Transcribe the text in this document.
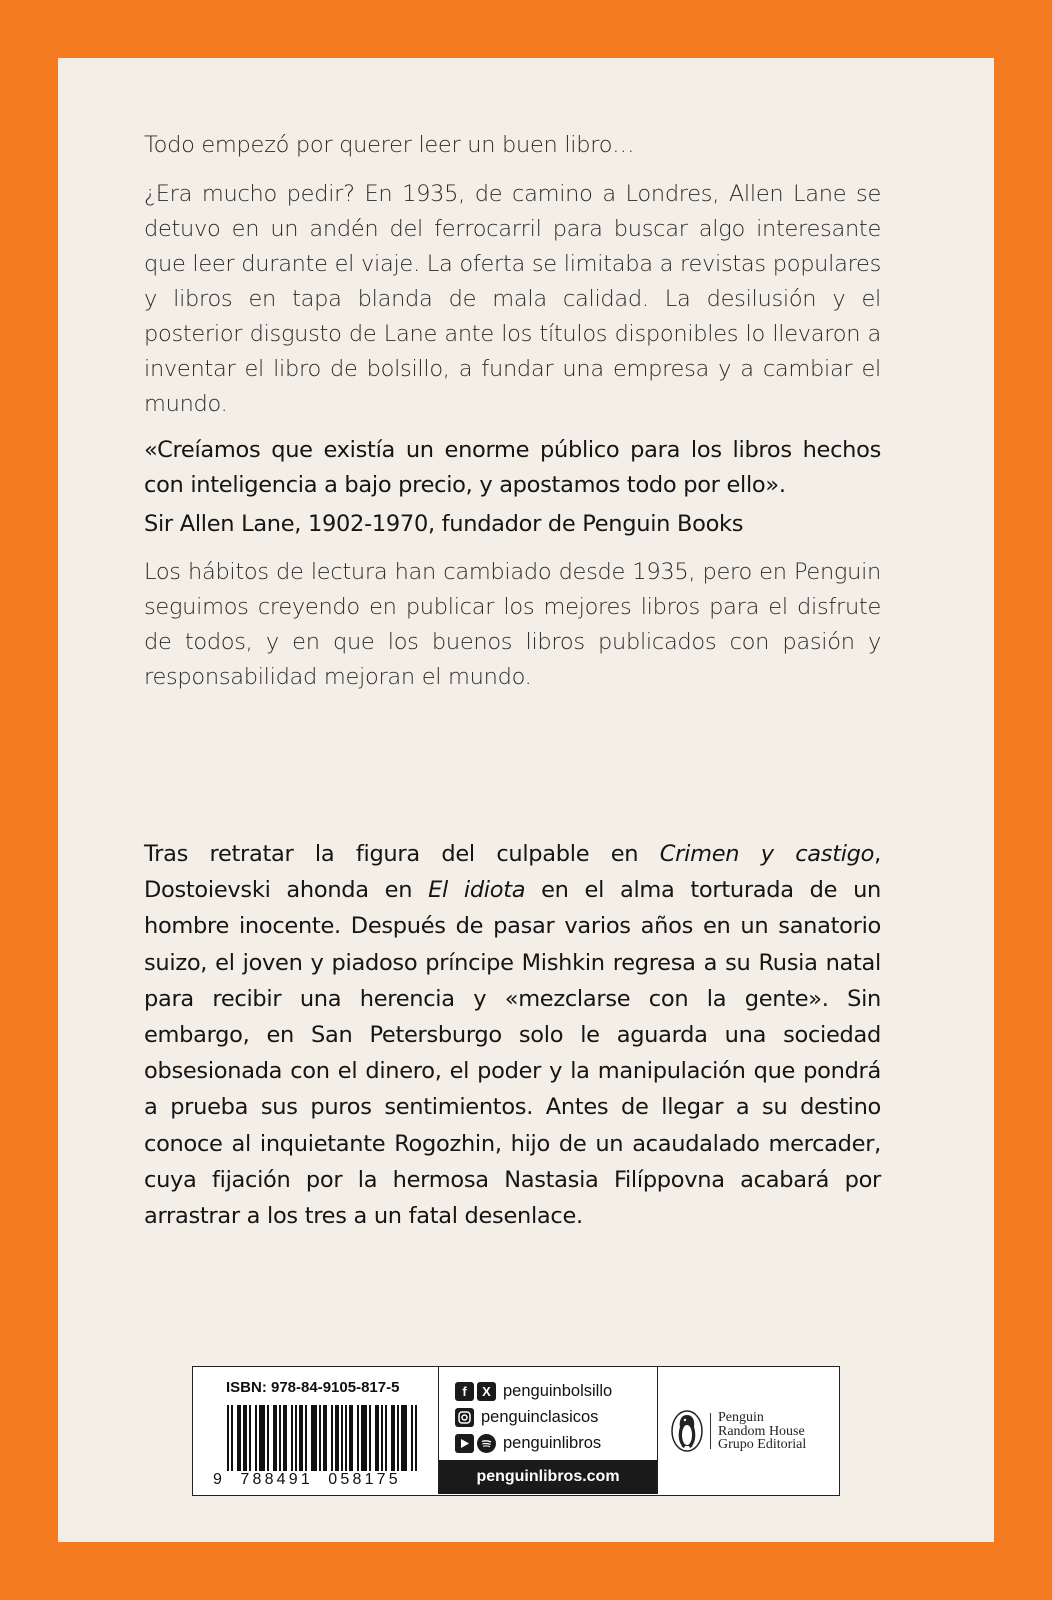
Todo empezó por querer leer un buen libro…

¿Era mucho pedir? En 1935, de camino a Londres, Allen Lane se detuvo en un andén del ferrocarril para buscar algo interesante que leer durante el viaje. La oferta se limitaba a revistas populares y libros en tapa blanda de mala calidad. La desilusión y el posterior disgusto de Lane ante los títulos disponibles lo llevaron a inventar el libro de bolsillo, a fundar una empresa y a cambiar el mundo.

«Creíamos que existía un enorme público para los libros hechos con inteligencia a bajo precio, y apostamos todo por ello».

Sir Allen Lane, 1902-1970, fundador de Penguin Books

Los hábitos de lectura han cambiado desde 1935, pero en Penguin seguimos creyendo en publicar los mejores libros para el disfrute de todos, y en que los buenos libros publicados con pasión y responsabilidad mejoran el mundo.

Tras retratar la figura del culpable en Crimen y castigo, Dostoievski ahonda en El idiota en el alma torturada de un hombre inocente. Después de pasar varios años en un sanatorio suizo, el joven y piadoso príncipe Mishkin regresa a su Rusia natal para recibir una herencia y «mezclarse con la gente». Sin embargo, en San Petersburgo solo le aguarda una sociedad obsesionada con el dinero, el poder y la manipulación que pondrá a prueba sus puros sentimientos. Antes de llegar a su destino conoce al inquietante Rogozhin, hijo de un acaudalado mercader, cuya fijación por la hermosa Nastasia Filíppovna acabará por arrastrar a los tres a un fatal desenlace.

ISBN: 978-84-9105-817-5
9  788491  058175
f	X penguinbolsillo
penguinclasicos
penguinlibros
penguinlibros.com
Penguin
Random House
Grupo Editorial
